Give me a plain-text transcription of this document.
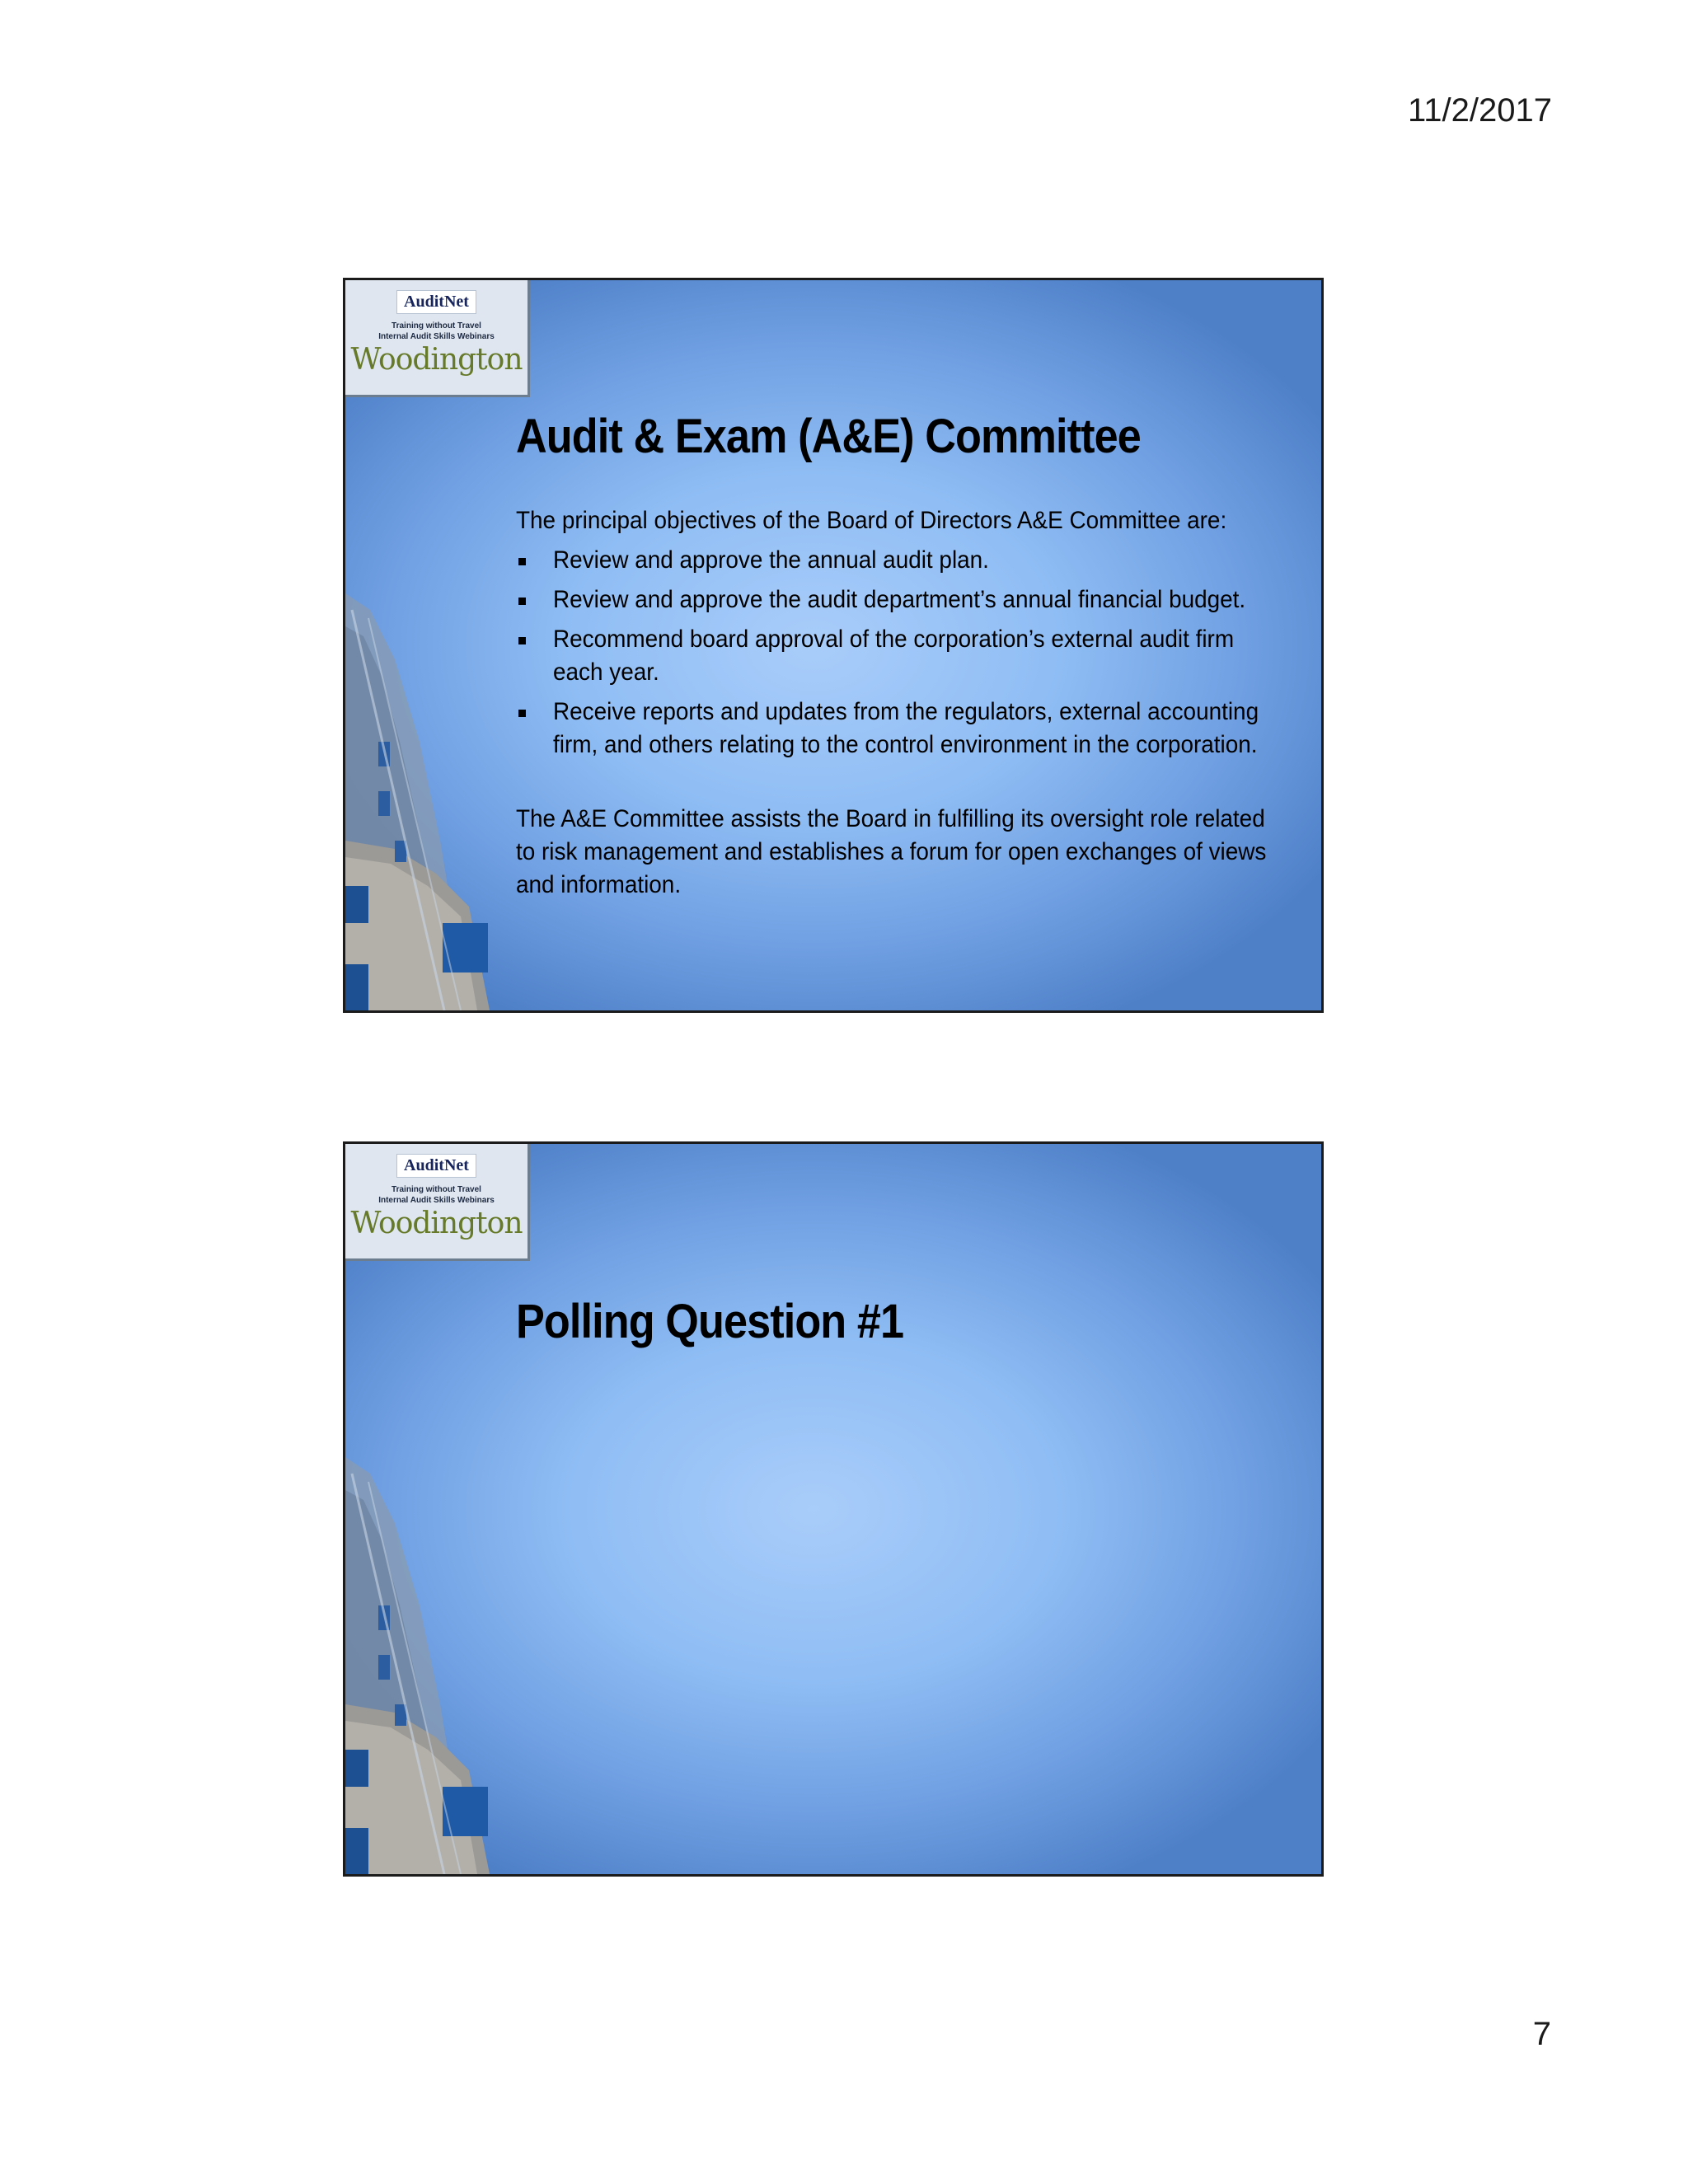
11/2/2017
AuditNet
Training without Travel
Internal Audit Skills Webinars
Woodington
Audit & Exam (A&E) Committee
The principal objectives of the Board of Directors A&E Committee are:
Review and approve the annual audit plan.
Review and approve the audit department’s annual financial budget.
Recommend board approval of the corporation’s external audit firm
each year.
Receive reports and updates from the regulators, external accounting
firm, and others relating to the control environment in the corporation.
The A&E Committee assists the Board in fulfilling its oversight role related
to risk management and establishes a forum for open exchanges of views
and information.
AuditNet
Training without Travel
Internal Audit Skills Webinars
Woodington
Polling Question #1
7
